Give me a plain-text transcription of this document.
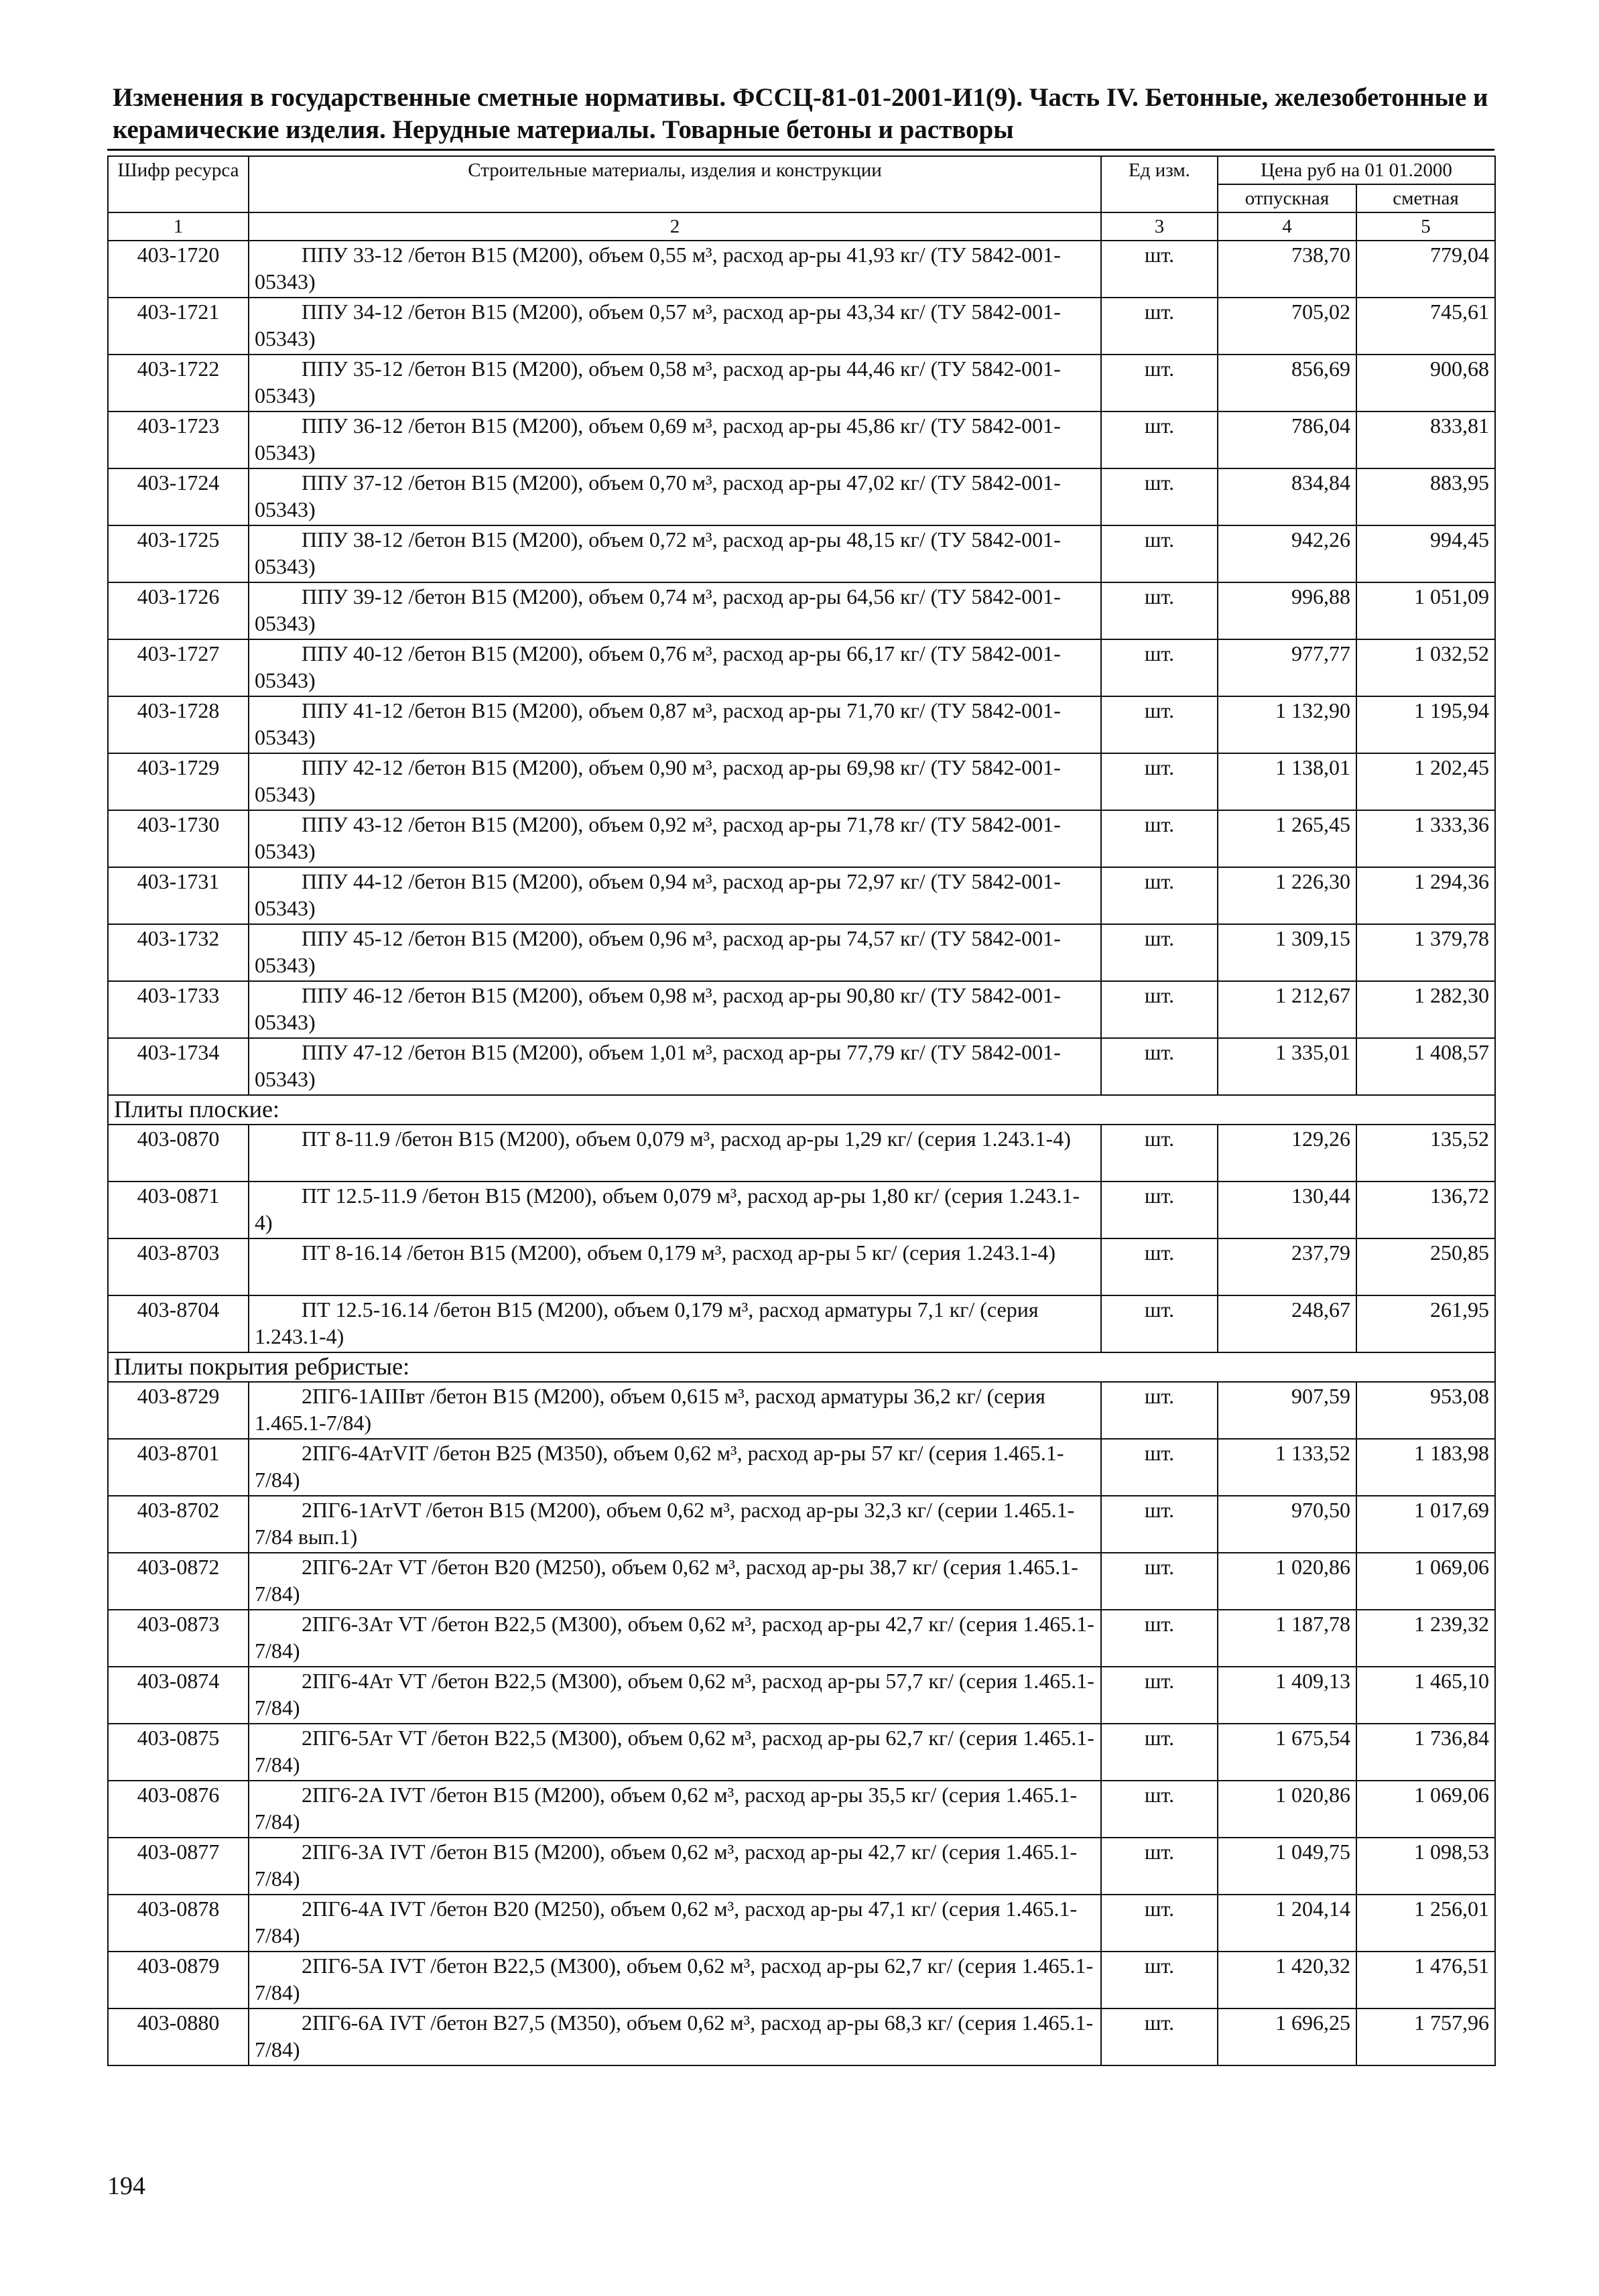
Изменения в государственные сметные нормативы. ФССЦ-81-01-2001-И1(9). Часть IV. Бетонные, железобетонные и керамические изделия. Нерудные материалы. Товарные бетоны и растворы
Шифр ресурса	Строительные материалы, изделия и конструкции	Ед изм.	Цена руб на 01 01.2000	
			отпускная	сметная
1	2	3	4	5
403-1720	ППУ 33-12 /бетон В15 (М200), объем 0,55 м³, расход ар-ры 41,93 кг/ (ТУ 5842-001-05343)	шт.	738,70	779,04
403-1721	ППУ 34-12 /бетон В15 (М200), объем 0,57 м³, расход ар-ры 43,34 кг/ (ТУ 5842-001-05343)	шт.	705,02	745,61
403-1722	ППУ 35-12 /бетон В15 (М200), объем 0,58 м³, расход ар-ры 44,46 кг/ (ТУ 5842-001-05343)	шт.	856,69	900,68
403-1723	ППУ 36-12 /бетон В15 (М200), объем 0,69 м³, расход ар-ры 45,86 кг/ (ТУ 5842-001-05343)	шт.	786,04	833,81
403-1724	ППУ 37-12 /бетон В15 (М200), объем 0,70 м³, расход ар-ры 47,02 кг/ (ТУ 5842-001-05343)	шт.	834,84	883,95
403-1725	ППУ 38-12 /бетон В15 (М200), объем 0,72 м³, расход ар-ры 48,15 кг/ (ТУ 5842-001-05343)	шт.	942,26	994,45
403-1726	ППУ 39-12 /бетон В15 (М200), объем 0,74 м³, расход ар-ры 64,56 кг/ (ТУ 5842-001-05343)	шт.	996,88	1 051,09
403-1727	ППУ 40-12 /бетон В15 (М200), объем 0,76 м³, расход ар-ры 66,17 кг/ (ТУ 5842-001-05343)	шт.	977,77	1 032,52
403-1728	ППУ 41-12 /бетон В15 (М200), объем 0,87 м³, расход ар-ры 71,70 кг/ (ТУ 5842-001-05343)	шт.	1 132,90	1 195,94
403-1729	ППУ 42-12 /бетон В15 (М200), объем 0,90 м³, расход ар-ры 69,98 кг/ (ТУ 5842-001-05343)	шт.	1 138,01	1 202,45
403-1730	ППУ 43-12 /бетон В15 (М200), объем 0,92 м³, расход ар-ры 71,78 кг/ (ТУ 5842-001-05343)	шт.	1 265,45	1 333,36
403-1731	ППУ 44-12 /бетон В15 (М200), объем 0,94 м³, расход ар-ры 72,97 кг/ (ТУ 5842-001-05343)	шт.	1 226,30	1 294,36
403-1732	ППУ 45-12 /бетон В15 (М200), объем 0,96 м³, расход ар-ры 74,57 кг/ (ТУ 5842-001-05343)	шт.	1 309,15	1 379,78
403-1733	ППУ 46-12 /бетон В15 (М200), объем 0,98 м³, расход ар-ры 90,80 кг/ (ТУ 5842-001-05343)	шт.	1 212,67	1 282,30
403-1734	ППУ 47-12 /бетон В15 (М200), объем 1,01 м³, расход ар-ры 77,79 кг/ (ТУ 5842-001-05343)	шт.	1 335,01	1 408,57
Плиты плоские:				
403-0870	ПТ 8-11.9 /бетон В15 (М200), объем 0,079 м³, расход ар-ры 1,29 кг/ (серия 1.243.1-4)	шт.	129,26	135,52
403-0871	ПТ 12.5-11.9 /бетон В15 (М200), объем 0,079 м³, расход ар-ры 1,80 кг/ (серия 1.243.1-4)	шт.	130,44	136,72
403-8703	ПТ 8-16.14 /бетон В15 (М200), объем 0,179 м³, расход ар-ры 5 кг/ (серия 1.243.1-4)	шт.	237,79	250,85
403-8704	ПТ 12.5-16.14 /бетон В15 (М200), объем 0,179 м³, расход арматуры 7,1 кг/ (серия 1.243.1-4)	шт.	248,67	261,95
Плиты покрытия ребристые:				
403-8729	2ПГ6-1АIIIвт /бетон В15 (М200), объем 0,615 м³, расход арматуры 36,2 кг/ (серия 1.465.1-7/84)	шт.	907,59	953,08
403-8701	2ПГ6-4АтVIT /бетон В25 (М350), объем 0,62 м³, расход ар-ры 57 кг/ (серия 1.465.1-7/84)	шт.	1 133,52	1 183,98
403-8702	2ПГ6-1АтVT /бетон В15 (М200), объем 0,62 м³, расход ар-ры 32,3 кг/ (серии 1.465.1-7/84 вып.1)	шт.	970,50	1 017,69
403-0872	2ПГ6-2Ат VT /бетон В20 (М250), объем 0,62 м³, расход ар-ры 38,7 кг/ (серия 1.465.1-7/84)	шт.	1 020,86	1 069,06
403-0873	2ПГ6-3Ат VT /бетон В22,5 (М300), объем 0,62 м³, расход ар-ры 42,7 кг/ (серия 1.465.1-7/84)	шт.	1 187,78	1 239,32
403-0874	2ПГ6-4Ат VT /бетон В22,5 (М300), объем 0,62 м³, расход ар-ры 57,7 кг/ (серия 1.465.1-7/84)	шт.	1 409,13	1 465,10
403-0875	2ПГ6-5Ат VT /бетон В22,5 (М300), объем 0,62 м³, расход ар-ры 62,7 кг/ (серия 1.465.1-7/84)	шт.	1 675,54	1 736,84
403-0876	2ПГ6-2А IVT /бетон В15 (М200), объем 0,62 м³, расход ар-ры 35,5 кг/ (серия 1.465.1-7/84)	шт.	1 020,86	1 069,06
403-0877	2ПГ6-3А IVT /бетон В15 (М200), объем 0,62 м³, расход ар-ры 42,7 кг/ (серия 1.465.1-7/84)	шт.	1 049,75	1 098,53
403-0878	2ПГ6-4А IVT /бетон В20 (М250), объем 0,62 м³, расход ар-ры 47,1 кг/ (серия 1.465.1-7/84)	шт.	1 204,14	1 256,01
403-0879	2ПГ6-5А IVT /бетон В22,5 (М300), объем 0,62 м³, расход ар-ры 62,7 кг/ (серия 1.465.1-7/84)	шт.	1 420,32	1 476,51
403-0880	2ПГ6-6А IVT /бетон В27,5 (М350), объем 0,62 м³, расход ар-ры 68,3 кг/ (серия 1.465.1-7/84)	шт.	1 696,25	1 757,96
194
